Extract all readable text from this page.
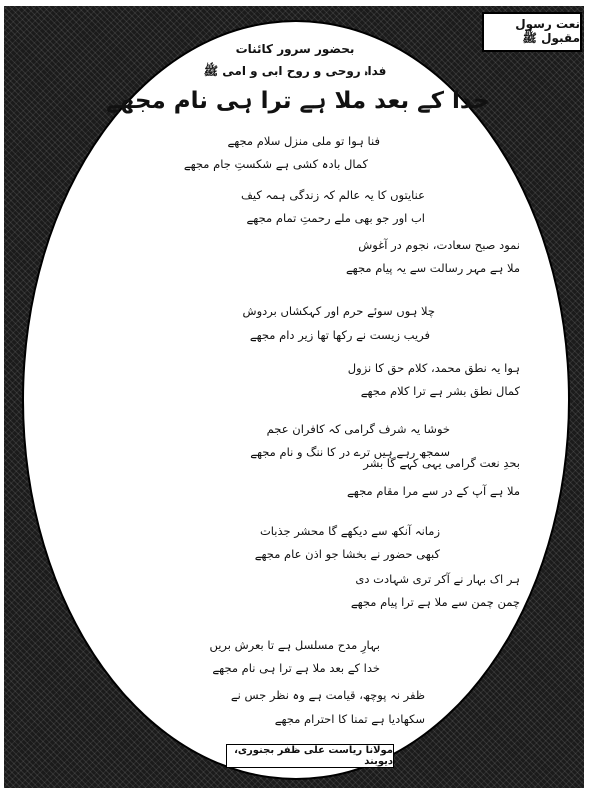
نعت رسول مقبول ﷺ
بحضور سرور کائنات
فداہ روحی و روح ابی و امی ﷺ
خدا کے بعد ملا ہے ترا ہی نام مجھے
فنا ہوا تو ملی منزل سلام مجھے
کمال بادہ کشی ہے شکستِ جام مجھے
عنایتوں کا یہ عالم کہ زندگی ہمہ کیف
اب اور جو بھی ملے رحمتِ تمام مجھے
نمود صبح سعادت، نجوم در آغوش
ملا ہے مہر رسالت سے یہ پیام مجھے
چلا ہوں سوئے حرم اور کہکشاں بردوش
فریب زیست نے رکھا تھا زیر دام مجھے
ہوا یہ نطق محمد، کلام حق کا نزول
کمال نطق بشر ہے ترا کلام مجھے
خوشا یہ شرف گرامی کہ کافران عجم
سمجھ رہے ہیں ترے در کا ننگ و نام مجھے
بحدِ نعت گرامی یہی کہے گا بشر
ملا ہے آپ کے در سے مرا مقام مجھے
زمانہ آنکھ سے دیکھے گا محشر جذبات
کبھی حضور نے بخشا جو اذن عام مجھے
ہر اک بہار نے آکر تری شہادت دی
چمن چمن سے ملا ہے ترا پیام مجھے
بہارِ مدح مسلسل ہے تا بعرش بریں
خدا کے بعد ملا ہے ترا ہی نام مجھے
ظفر نہ پوچھ، قیامت ہے وہ نظر جس نے
سکھادیا ہے تمنا کا احترام مجھے
مولانا ریاست علی ظفر بجنوری، دیوبند
